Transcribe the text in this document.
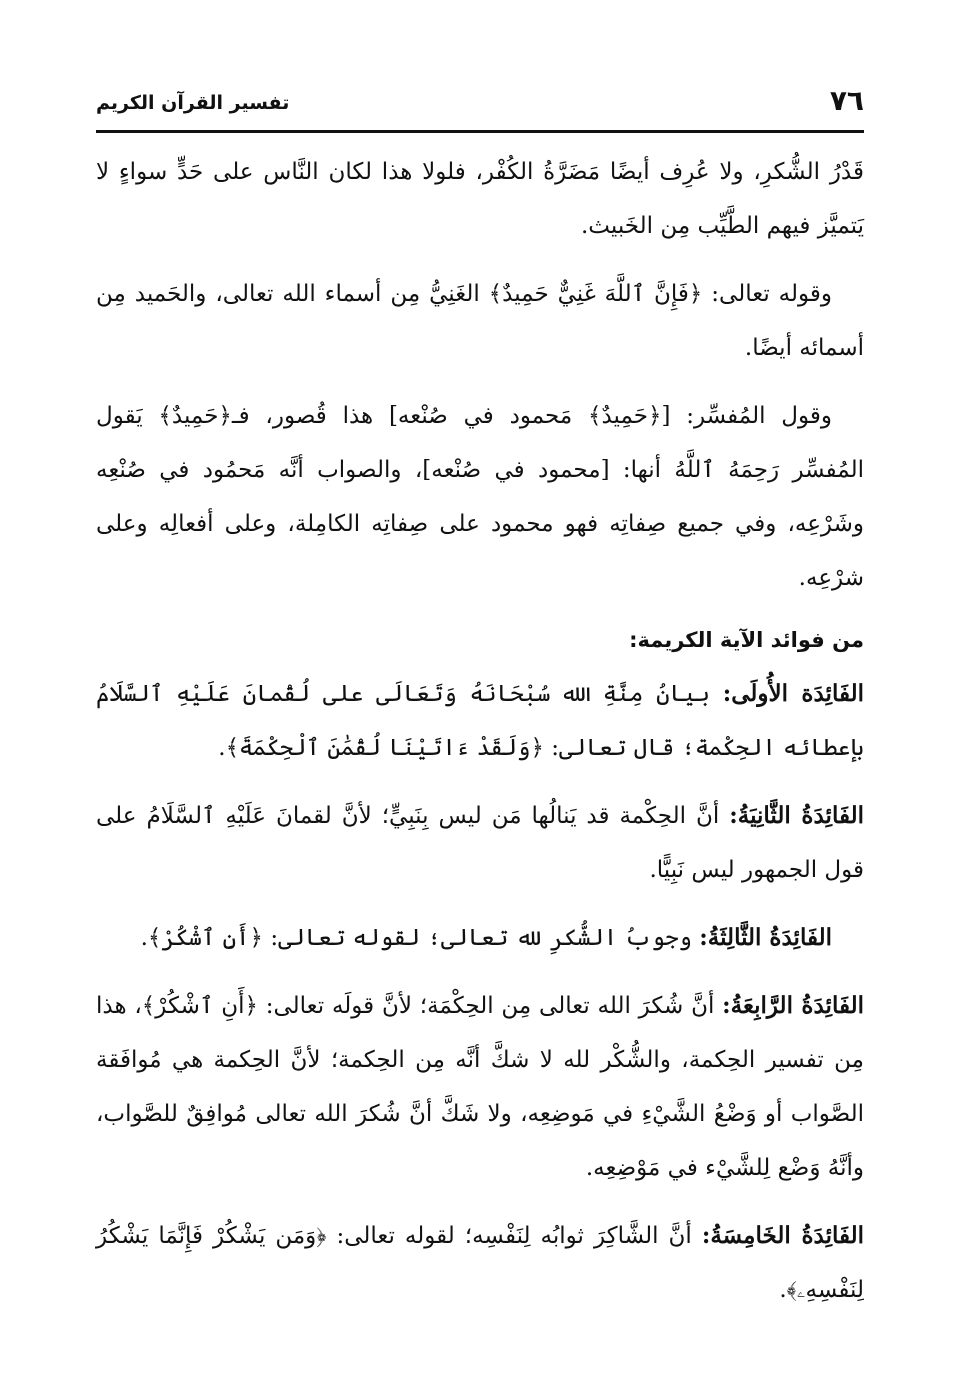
٧٦
تفسير القرآن الكريم

قَدْرُ الشُّكرِ، ولا عُرِف أيضًا مَضَرَّةُ الكُفْر، فلولا هذا لكان النَّاس على حَدٍّ سواءٍ لا يَتميَّز فيهم الطَّيِّب مِن الخَبيث.

وقوله تعالى: ﴿فَإِنَّ ٱللَّهَ غَنِيٌّ حَمِيدٌ﴾ الغَنِيُّ مِن أسماء الله تعالى، والحَميد مِن أسمائه أيضًا.

وقول المُفسِّر: [﴿حَمِيدٌ﴾ مَحمود في صُنْعه] هذا قُصور، فـ﴿حَمِيدٌ﴾ يَقول المُفسِّر رَحِمَهُ ٱللَّهُ أنها: [محمود في صُنْعه]، والصواب أنَّه مَحمُود في صُنْعِه وشَرْعِه، وفي جميع صِفاتِه فهو محمود على صِفاتِه الكامِلة، وعلى أفعالِه وعلى شرْعِه.

من فوائد الآية الكريمة:

الفَائِدَة الأُولَى: بيانُ مِنَّةِ الله سُبْحَانَهُ وَتَعَالَى على لُقْمانَ عَلَيْهِ ٱلسَّلَامُ بإعطائه الحِكْمة؛ قال تعالى: ﴿وَلَقَدْ ءَاتَيْنَا لُقْمَٰنَ ٱلْحِكْمَةَ﴾.

الفَائِدَةُ الثَّانِيَةُ: أنَّ الحِكْمة قد يَنالُها مَن ليس بِنَبِيٍّ؛ لأنَّ لقمانَ عَلَيْهِ ٱلسَّلَامُ على قول الجمهور ليس نَبِيًّا.

الفَائِدَةُ الثَّالِثَةُ: وجوبُ الشُّكرِ لله تعالى؛ لقوله تعالى: ﴿أَنِ ٱشْكُرْ﴾.

الفَائِدَةُ الرَّابِعَةُ: أنَّ شُكرَ الله تعالى مِن الحِكْمَة؛ لأنَّ قولَه تعالى: ﴿أَنِ ٱشْكُرْ﴾، هذا مِن تفسير الحِكمة، والشُّكْر لله لا شكَّ أنَّه مِن الحِكمة؛ لأنَّ الحِكمة هي مُوافَقة الصَّواب أو وَضْعُ الشَّيْءِ في مَوضِعِه، ولا شَكَّ أنَّ شُكرَ الله تعالى مُوافِقٌ للصَّواب، وأنَّهُ وَضْع لِلشَّيْء في مَوْضِعِه.

الفَائِدَةُ الخَامِسَةُ: أنَّ الشَّاكِرَ ثوابُه لِنَفْسِه؛ لقوله تعالى: ﴿وَمَن يَشْكُرْ فَإِنَّمَا يَشْكُرُ لِنَفْسِهِۦ﴾.
